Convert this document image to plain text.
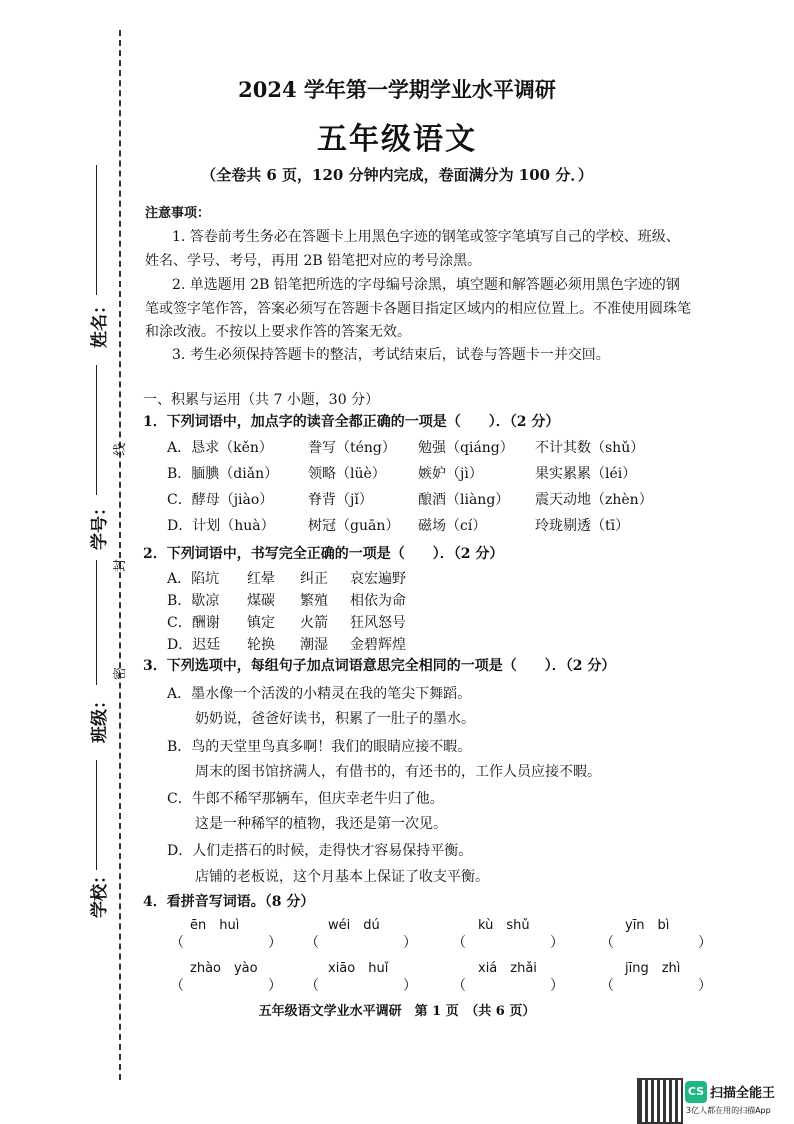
姓名：
学号：
班级：
学校：
线
封
密
2024 学年第一学期学业水平调研
五年级语文
（全卷共 6 页，120 分钟内完成，卷面满分为 100 分．）
注意事项：
1. 答卷前考生务必在答题卡上用黑色字迹的钢笔或签字笔填写自己的学校、班级、
姓名、学号、考号，再用 2B 铅笔把对应的考号涂黑。
2. 单选题用 2B 铅笔把所选的字母编号涂黑，填空题和解答题必须用黑色字迹的钢
笔或签字笔作答，答案必须写在答题卡各题目指定区域内的相应位置上。不准使用圆珠笔
和涂改液。不按以上要求作答的答案无效。
3. 考生必须保持答题卡的整洁，考试结束后，试卷与答题卡一并交回。
一、积累与运用（共 7 小题，30 分）
1．下列词语中，加点字的读音全都正确的一项是（　　）．（2 分）
A．恳求（kěn）	誊写（téng） 勉强（qiáng） 不计其数（shǔ）
B．腼腆（diǎn） 领略（lüè） 嫉妒（jì）	果实累累（léi）
C．酵母（jiào） 脊背（jǐ）	酿酒（liàng） 震天动地（zhèn）
D．计划（huà） 树冠（guān） 磁场（cí）	玲珑剔透（tī）
2．下列词语中，书写完全正确的一项是（　　）．（2 分）
A．陷坑 红晕 纠正 哀宏遍野
B．歇凉 煤碳 繁殖 相依为命
C．酬谢 镇定 火箭 狂风怒号
D．迟廷 轮换 潮湿 金碧辉煌
3．下列选项中，每组句子加点词语意思完全相同的一项是（　　）．（2 分）
A．墨水像一个活泼的小精灵在我的笔尖下舞蹈。
奶奶说，爸爸好读书，积累了一肚子的墨水。
B．鸟的天堂里鸟真多啊！我们的眼睛应接不暇。
周末的图书馆挤满人，有借书的，有还书的，工作人员应接不暇。
C．牛郎不稀罕那辆车，但庆幸老牛归了他。
这是一种稀罕的植物，我还是第一次见。
D．人们走搭石的时候，走得快才容易保持平衡。
店铺的老板说，这个月基本上保证了收支平衡。
4．看拼音写词语。（8 分）
ēn　huì	wéi　dú	kù　shǔ	yīn　bì
（　　　　　　） （　　　　　　）	（　　　　　　）	（　　　　　　）
zhào　yào	xiāo　huǐ	xiá　zhǎi	jīng　zhì
（　　　　　　） （　　　　　　）	（　　　　　　）	（　　　　　　）
五年级语文学业水平调研　第 1 页　（共 6 页）
CS 扫描全能王
3亿人都在用的扫描App
